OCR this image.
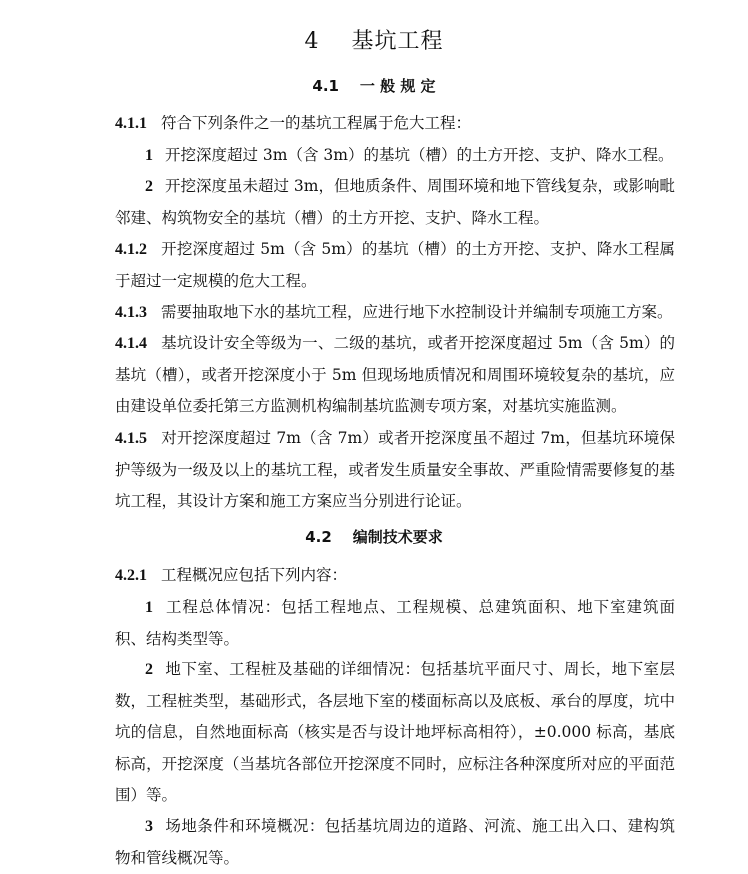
4 基坑工程
4.1 一 般 规 定
4.1.1 符合下列条件之一的基坑工程属于危大工程：
1 开挖深度超过 3m（含 3m）的基坑（槽）的土方开挖、支护、降水工程。
2 开挖深度虽未超过 3m，但地质条件、周围环境和地下管线复杂，或影响毗邻建、构筑物安全的基坑（槽）的土方开挖、支护、降水工程。
4.1.2 开挖深度超过 5m（含 5m）的基坑（槽）的土方开挖、支护、降水工程属于超过一定规模的危大工程。
4.1.3 需要抽取地下水的基坑工程，应进行地下水控制设计并编制专项施工方案。
4.1.4 基坑设计安全等级为一、二级的基坑，或者开挖深度超过 5m（含 5m）的基坑（槽），或者开挖深度小于 5m 但现场地质情况和周围环境较复杂的基坑，应由建设单位委托第三方监测机构编制基坑监测专项方案，对基坑实施监测。
4.1.5 对开挖深度超过 7m（含 7m）或者开挖深度虽不超过 7m，但基坑环境保护等级为一级及以上的基坑工程，或者发生质量安全事故、严重险情需要修复的基坑工程，其设计方案和施工方案应当分别进行论证。
4.2 编制技术要求
4.2.1 工程概况应包括下列内容：
1 工程总体情况：包括工程地点、工程规模、总建筑面积、地下室建筑面积、结构类型等。
2 地下室、工程桩及基础的详细情况：包括基坑平面尺寸、周长，地下室层数，工程桩类型，基础形式，各层地下室的楼面标高以及底板、承台的厚度，坑中坑的信息，自然地面标高（核实是否与设计地坪标高相符），±0.000 标高，基底标高，开挖深度（当基坑各部位开挖深度不同时，应标注各种深度所对应的平面范围）等。
3 场地条件和环境概况：包括基坑周边的道路、河流、施工出入口、建构筑物和管线概况等。
